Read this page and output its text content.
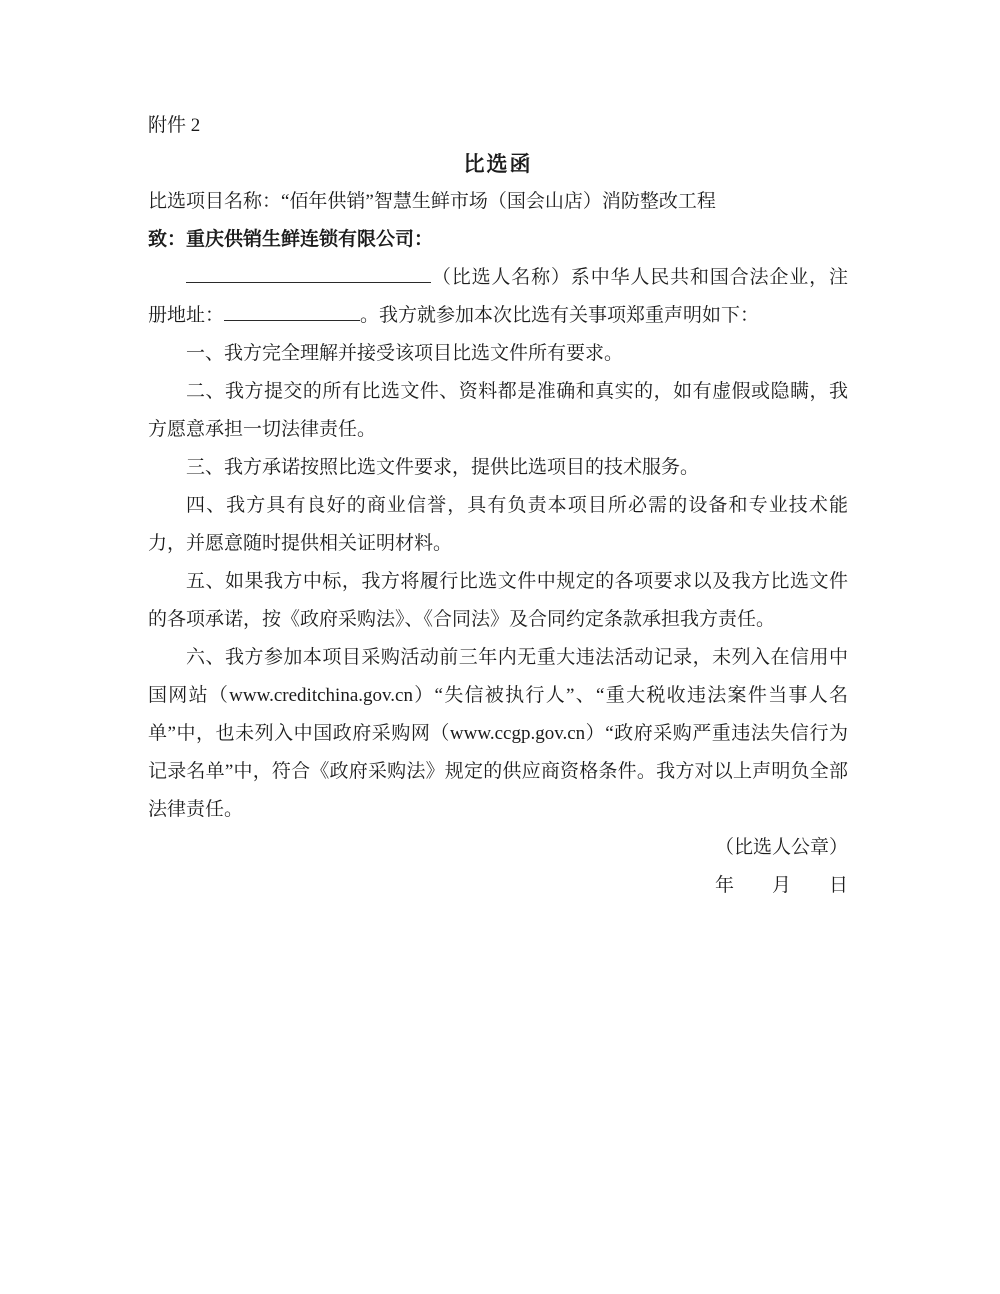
附件 2

比选函

比选项目名称：“佰年供销”智慧生鲜市场（国会山店）消防整改工程

致：重庆供销生鲜连锁有限公司：

（比选人名称）系中华人民共和国合法企业，注册地址：	。我方就参加本次比选有关事项郑重声明如下：

一、我方完全理解并接受该项目比选文件所有要求。

二、我方提交的所有比选文件、资料都是准确和真实的，如有虚假或隐瞒，我方愿意承担一切法律责任。

三、我方承诺按照比选文件要求，提供比选项目的技术服务。

四、我方具有良好的商业信誉，具有负责本项目所必需的设备和专业技术能力，并愿意随时提供相关证明材料。

五、如果我方中标，我方将履行比选文件中规定的各项要求以及我方比选文件的各项承诺，按《政府采购法》、《合同法》及合同约定条款承担我方责任。

六、我方参加本项目采购活动前三年内无重大违法活动记录，未列入在信用中国网站（www.creditchina.gov.cn）“失信被执行人”、“重大税收违法案件当事人名单”中，也未列入中国政府采购网（www.ccgp.gov.cn）“政府采购严重违法失信行为记录名单”中，符合《政府采购法》规定的供应商资格条件。我方对以上声明负全部法律责任。

（比选人公章）
年　　月　　日
